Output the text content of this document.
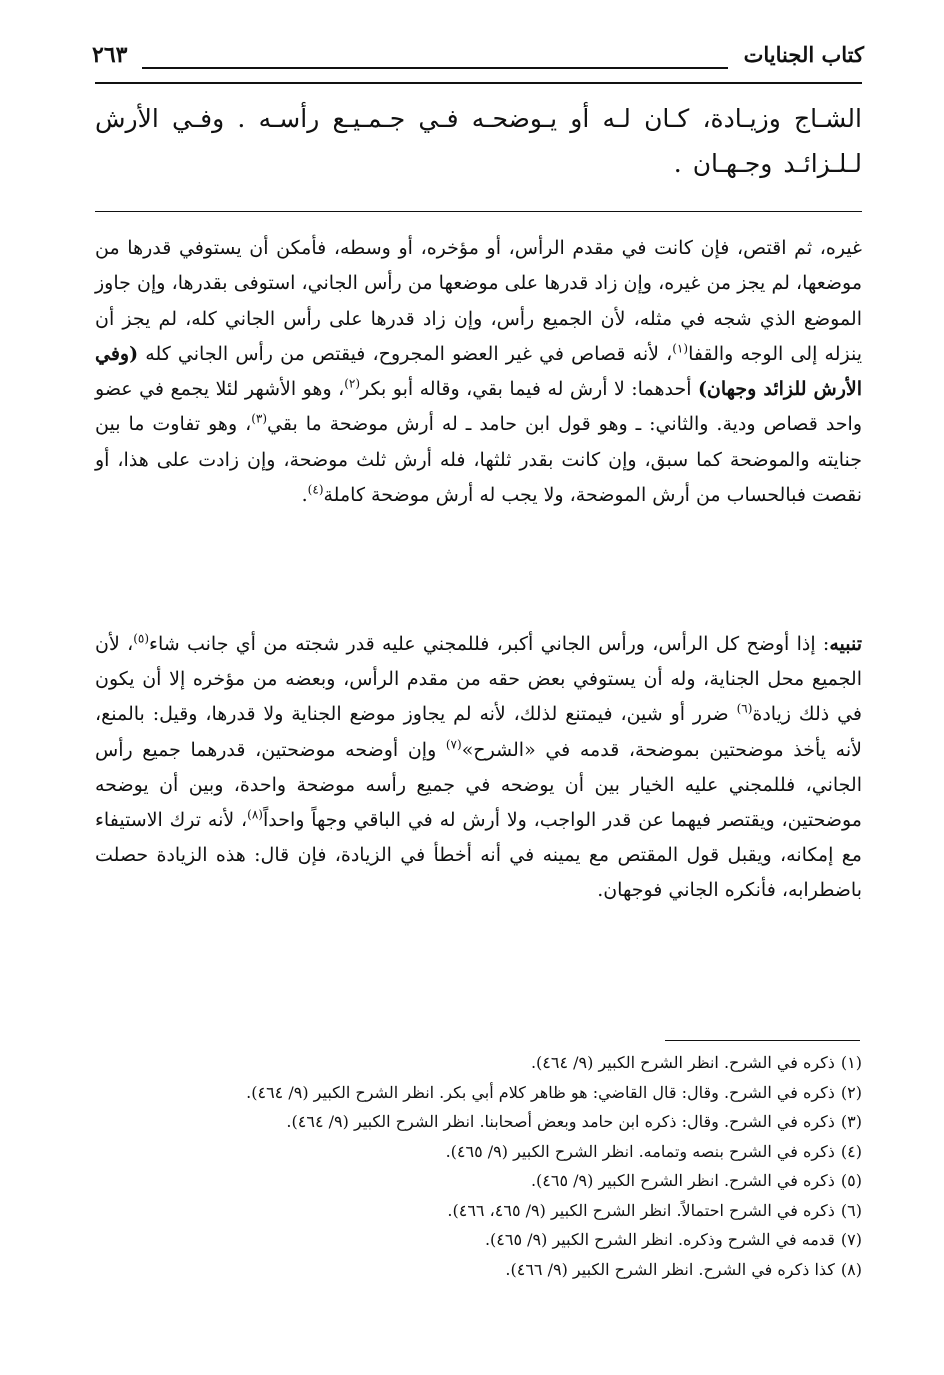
كتاب الجنايات
٢٦٣

الشـاج وزيـادة، كـان لـه أو يـوضحـه فـي جـمـيـع رأسـه . وفـي الأرش لـلـزائـد وجـهـان .

غيره، ثم اقتص، فإن كانت في مقدم الرأس، أو مؤخره، أو وسطه، فأمكن أن يستوفي قدرها من موضعها، لم يجز من غيره، وإن زاد قدرها على موضعها من رأس الجاني، استوفى بقدرها، وإن جاوز الموضع الذي شجه في مثله، لأن الجميع رأس، وإن زاد قدرها على رأس الجاني كله، لم يجز أن ينزله إلى الوجه والقفا$^{(١)}$، لأنه قصاص في غير العضو المجروح، فيقتص من رأس الجاني كله (وفي الأرش للزائد وجهان) أحدهما: لا أرش له فيما بقي، وقاله أبو بكر$^{(٢)}$، وهو الأشهر لئلا يجمع في عضو واحد قصاص ودية. والثاني: ـ وهو قول ابن حامد ـ له أرش موضحة ما بقي$^{(٣)}$، وهو تفاوت ما بين جنايته والموضحة كما سبق، وإن كانت بقدر ثلثها، فله أرش ثلث موضحة، وإن زادت على هذا، أو نقصت فبالحساب من أرش الموضحة، ولا يجب له أرش موضحة كاملة$^{(٤)}$.

تنبيه: إذا أوضح كل الرأس، ورأس الجاني أكبر، فللمجني عليه قدر شجته من أي جانب شاء$^{(٥)}$، لأن الجميع محل الجناية، وله أن يستوفي بعض حقه من مقدم الرأس، وبعضه من مؤخره إلا أن يكون في ذلك زيادة$^{(٦)}$ ضرر أو شين، فيمتنع لذلك، لأنه لم يجاوز موضع الجناية ولا قدرها، وقيل: بالمنع، لأنه يأخذ موضحتين بموضحة، قدمه في «الشرح»$^{(٧)}$ وإن أوضحه موضحتين، قدرهما جميع رأس الجاني، فللمجني عليه الخيار بين أن يوضحه في جميع رأسه موضحة واحدة، وبين أن يوضحه موضحتين، ويقتصر فيهما عن قدر الواجب، ولا أرش له في الباقي وجهاً واحداً$^{(٨)}$، لأنه ترك الاستيفاء مع إمكانه، ويقبل قول المقتص مع يمينه في أنه أخطأ في الزيادة، فإن قال: هذه الزيادة حصلت باضطرابه، فأنكره الجاني فوجهان.

(١)ذكره في الشرح. انظر الشرح الكبير (٩/ ٤٦٤).

(٢)ذكره في الشرح. وقال: قال القاضي: هو ظاهر كلام أبي بكر. انظر الشرح الكبير (٩/ ٤٦٤).

(٣)ذكره في الشرح. وقال: ذكره ابن حامد وبعض أصحابنا. انظر الشرح الكبير (٩/ ٤٦٤).

(٤)ذكره في الشرح بنصه وتمامه. انظر الشرح الكبير (٩/ ٤٦٥).

(٥)ذكره في الشرح. انظر الشرح الكبير (٩/ ٤٦٥).

(٦)ذكره في الشرح احتمالاً. انظر الشرح الكبير (٩/ ٤٦٥، ٤٦٦).

(٧)قدمه في الشرح وذكره. انظر الشرح الكبير (٩/ ٤٦٥).

(٨)كذا ذكره في الشرح. انظر الشرح الكبير (٩/ ٤٦٦).
